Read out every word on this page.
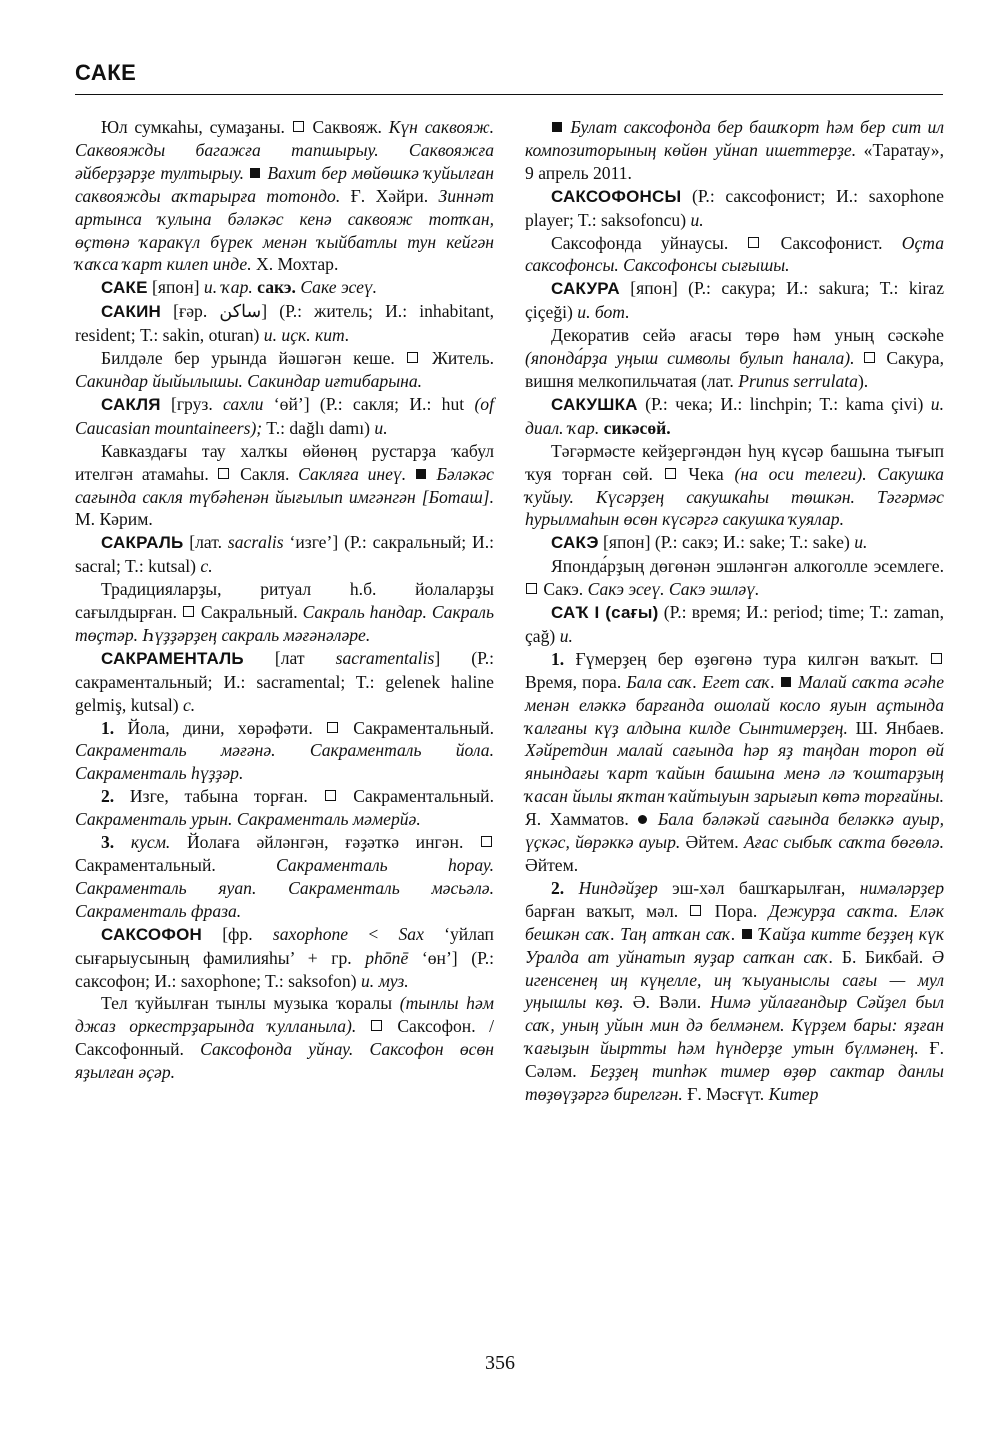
САКЕ

Юл сумкаһы, сумаҙаны.  Саквояж. Күн саквояж. Саквояжды багажға тапшырыу. Саквояжға әйберҙәрҙе тултырыу.  Вахит бер мөйөшкә ҡуйылған саквояжды аҡтарырға тотондо. Ғ. Хәйри. Зиннәт артынса ҡулына бәләкәс кенә саквояж тотҡан, өҫтөнә ҡаракүл бүрек менән ҡыйбатлы тун кейгән ҡаҡса ҡарт килеп инде. Х. Мохтар.

САКЕ [япон] и. ҡар. сакэ. Саке эсеү.

САКИН [ғәр. ساكن] (Р.: житель; И.: inhabitant, resident; Т.: sakin, oturan) и. иҫк. кит.

Билдәле бер урында йәшәгән кеше.  Житель. Сакиндар йыйылышы. Сакиндар иғтибарына.

САКЛЯ [груз. сахли ‘өй’] (Р.: сакля; И.: hut (of Caucasian mountaineers); T.: dağlı damı) и.

Кавказдағы тау халҡы өйөнөң рустарҙа ҡабул ителгән атамаһы.  Сакля. Сакляға инеү.  Бәләкәс сағында сакля түбәһенән йығылып имгәнгән [Боташ]. М. Кәрим.

САКРАЛЬ [лат. sacralis ‘изге’] (Р.: сакральный; И.: sacral; T.: kutsal) с.

Традицияларҙы, ритуал һ.б. йолаларҙы сағылдырған.  Сакральный. Сакраль һандар. Сакраль төҫтәр. Һүҙҙәрҙең сакраль мәғәнәләре.

САКРАМЕНТАЛЬ [лат sacramentalis] (Р.: сакраментальный; И.: sacramental; T.: gelenek haline gelmiş, kutsal) с.

1. Йола, дини, хөрәфәти.  Сакраментальный. Сакраменталь мәғәнә. Сакраменталь йола. Сакраменталь һүҙҙәр.

2. Изге, табына торған.  Сакраментальный. Сакраменталь урын. Сакраменталь мәмерйә.

3. кусм. Йолаға әйләнгән, ғәҙәткә ингән.  Сакраментальный. Сакраменталь һорау. Сакраменталь яуап. Сакраменталь мәсьәлә. Сакраменталь фраза.

САКСОФОН [фр. saxophone < Sax ‘уйлап сығарыусының фамилияһы’ + гр. phōnē ‘өн’] (Р.: саксофон; И.: saxophone; T.: saksofon) и. муз.

Тел ҡуйылған тынлы музыка ҡоралы (тынлы һәм джаз оркестрҙарында ҡулланыла).  Саксофон. / Саксофонный. Саксофонда уйнау. Саксофон өсөн яҙылған әҫәр.

Булат саксофонда бер башҡорт һәм бер сит ил композиторының көйөн уйнап ишеттерҙе. «Таратау», 9 апрель 2011.

САКСОФОНСЫ (Р.: саксофонист; И.: saxophone player; T.: saksofoncu) и.

Саксофонда уйнаусы.  Саксофонист. Оҫта саксофонсы. Саксофонсы сығышы.

САКУРА [япон] (Р.: сакура; И.: sakura; T.: kiraz çiçeği) и. бот.

Декоратив сейә ағасы төрө һәм уның сәскәһе (японда́рҙа уңыш символы булып һанала).  Сакура, вишня мелкопильчатая (лат. Prunus serrulata).

САКУШКА (Р.: чека; И.: linchpin; T.: kama çivi) и. диал. ҡар. сикәсөй.

Тәгәрмәсте кейҙергәндән һуң күсәр башына тығып ҡуя торған сөй.  Чека (на оси телеги). Сакушка ҡуйыу. Күсәрҙең сакушкаһы төшкән. Тәгәрмәс һурылмаһын өсөн күсәргә сакушка ҡуялар.

САКЭ [япон] (Р.: сакэ; И.: sake; T.: sake) и.

Японда́рҙың дөгөнән эшләнгән алкоголле эсемлеге.  Сакэ. Сакэ эсеү. Сакэ эшләү.

САҠ I (сағы) (Р.: время; И.: period; time; T.: zaman, çağ) и.

1. Ғүмерҙең бер өҙөгөнә тура килгән ваҡыт.  Время, пора. Бала саҡ. Егет саҡ.  Малай саҡта әсәһе менән еләккә барғанда ошолай косло яуын аҫтында ҡалғаны күҙ алдына килде Сынтимерҙең. Ш. Янбаев. Хәйретдин малай сағында һәр яҙ таңдан тороп өй янындағы ҡарт ҡайын башына менә лә ҡоштарҙың ҡасан йылы яҡтан ҡайтыуын зарығып көтә торғайны. Я. Хамматов.  Бала бәләкәй сағында беләккә ауыр, үҫкәс, йөрәккә ауыр. Әйтем. Ағас сыбыҡ саҡта бөгөлә. Әйтем.

2. Ниндәйҙер эш-хәл башҡарылған, нимәләрҙер барған ваҡыт, мәл.  Пора. Дежурҙа саҡта. Еләк бешкән саҡ. Таң атҡан саҡ.  Ҡайҙа китте беҙҙең күк Уралда ат уйнатып яуҙар сапҡан саҡ. Б. Бикбай. Ә игенсенең иң күңелле, иң ҡыуаныслы сағы — мул уңышлы көҙ. Ә. Вәли. Нимә уйлағандыр Сәйҙел был саҡ, уның уйын мин дә белмәнем. Күрҙем бары: яҙған ҡағыҙын йыртты һәм һүндерҙе утын бүлмәнең. Ғ. Сәләм. Беҙҙең типһәк тимер өҙөр сактар данлы төҙөүҙәргә бирелгән. Ғ. Мәсғүт. Китер

356
